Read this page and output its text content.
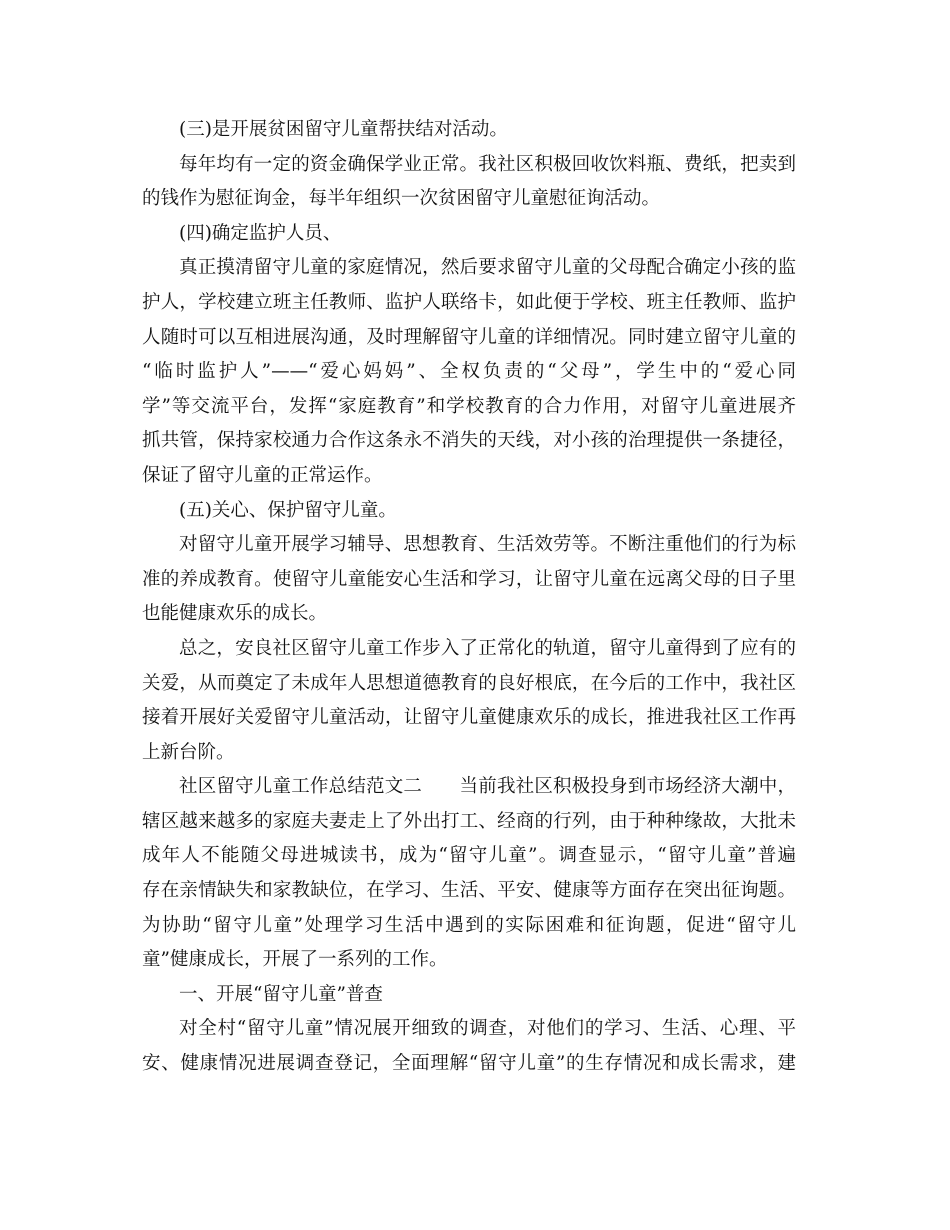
(三)是开展贫困留守儿童帮扶结对活动。
每年均有一定的资金确保学业正常。我社区积极回收饮料瓶、费纸，把卖到
的钱作为慰征询金，每半年组织一次贫困留守儿童慰征询活动。
(四)确定监护人员、
真正摸清留守儿童的家庭情况，然后要求留守儿童的父母配合确定小孩的监
护人，学校建立班主任教师、监护人联络卡，如此便于学校、班主任教师、监护
人随时可以互相进展沟通，及时理解留守儿童的详细情况。同时建立留守儿童的
“临时监护人”——“爱心妈妈”、全权负责的“父母”，学生中的“爱心同
学”等交流平台，发挥“家庭教育”和学校教育的合力作用，对留守儿童进展齐
抓共管，保持家校通力合作这条永不消失的天线，对小孩的治理提供一条捷径，
保证了留守儿童的正常运作。
(五)关心、保护留守儿童。
对留守儿童开展学习辅导、思想教育、生活效劳等。不断注重他们的行为标
准的养成教育。使留守儿童能安心生活和学习，让留守儿童在远离父母的日子里
也能健康欢乐的成长。
总之，安良社区留守儿童工作步入了正常化的轨道，留守儿童得到了应有的
关爱，从而奠定了未成年人思想道德教育的良好根底，在今后的工作中，我社区
接着开展好关爱留守儿童活动，让留守儿童健康欢乐的成长，推进我社区工作再
上新台阶。
社区留守儿童工作总结范文二　　当前我社区积极投身到市场经济大潮中，
辖区越来越多的家庭夫妻走上了外出打工、经商的行列，由于种种缘故，大批未
成年人不能随父母进城读书，成为“留守儿童”。调查显示，“留守儿童”普遍
存在亲情缺失和家教缺位，在学习、生活、平安、健康等方面存在突出征询题。
为协助“留守儿童”处理学习生活中遇到的实际困难和征询题，促进“留守儿
童”健康成长，开展了一系列的工作。
一、开展“留守儿童”普查
对全村“留守儿童”情况展开细致的调查，对他们的学习、生活、心理、平
安、健康情况进展调查登记，全面理解“留守儿童”的生存情况和成长需求，建
